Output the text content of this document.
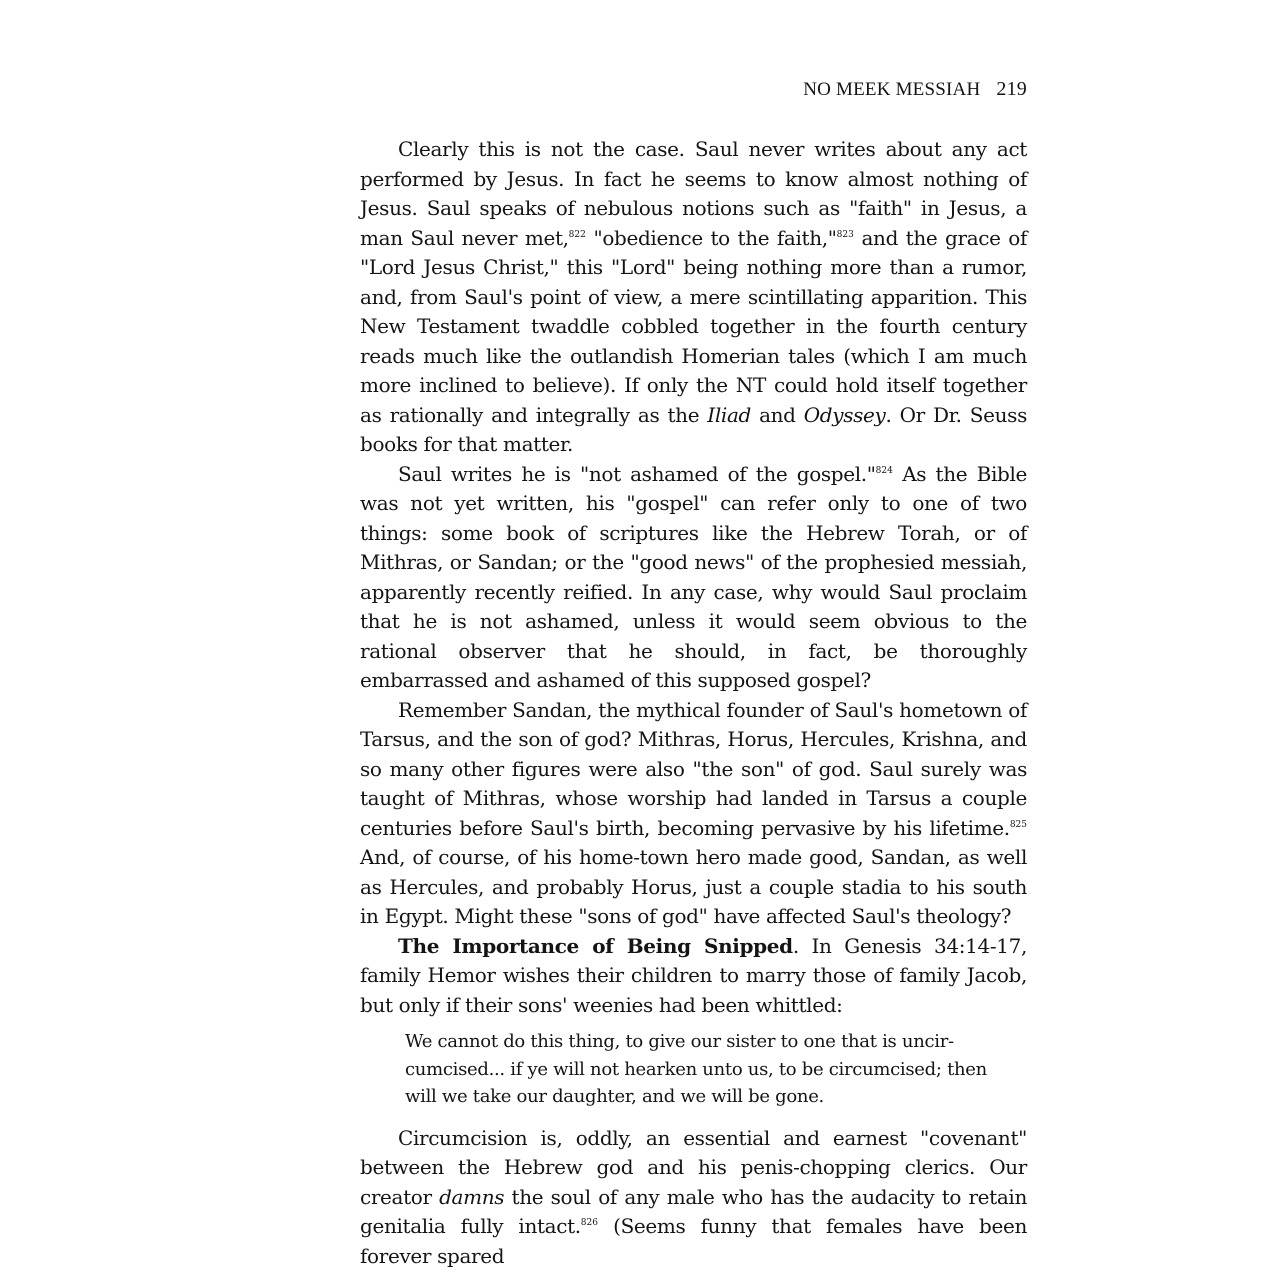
NO MEEK MESSIAH 219

Clearly this is not the case. Saul never writes about any act performed by Jesus. In fact he seems to know almost nothing of Jesus. Saul speaks of nebulous notions such as "faith" in Jesus, a man Saul never met,$^{822}$ "obedience to the faith,"$^{823}$ and the grace of "Lord Jesus Christ," this "Lord" being nothing more than a rumor, and, from Saul's point of view, a mere scintillating apparition. This New Testament twaddle cobbled together in the fourth century reads much like the outlandish Homerian tales (which I am much more inclined to believe). If only the NT could hold itself together as rationally and integrally as the Iliad and Odyssey. Or Dr. Seuss books for that matter.

Saul writes he is "not ashamed of the gospel."$^{824}$ As the Bible was not yet written, his "gospel" can refer only to one of two things: some book of scriptures like the Hebrew Torah, or of Mithras, or Sandan; or the "good news" of the prophesied messiah, apparently recently reified. In any case, why would Saul proclaim that he is not ashamed, unless it would seem obvious to the rational observer that he should, in fact, be thoroughly embarrassed and ashamed of this supposed gospel?

Remember Sandan, the mythical founder of Saul's hometown of Tarsus, and the son of god? Mithras, Horus, Hercules, Krishna, and so many other figures were also "the son" of god. Saul surely was taught of Mithras, whose worship had landed in Tarsus a couple centuries before Saul's birth, becoming pervasive by his lifetime.$^{825}$ And, of course, of his home-town hero made good, Sandan, as well as Hercules, and probably Horus, just a couple stadia to his south in Egypt. Might these "sons of god" have affected Saul's theology?

The Importance of Being Snipped. In Genesis 34:14-17, family Hemor wishes their children to marry those of family Jacob, but only if their sons' weenies had been whittled:

We cannot do this thing, to give our sister to one that is uncir-cumcised... if ye will not hearken unto us, to be circumcised; then will we take our daughter, and we will be gone.

Circumcision is, oddly, an essential and earnest "covenant" between the Hebrew god and his penis-chopping clerics. Our creator damns the soul of any male who has the audacity to retain genitalia fully intact.$^{826}$ (Seems funny that females have been forever spared
